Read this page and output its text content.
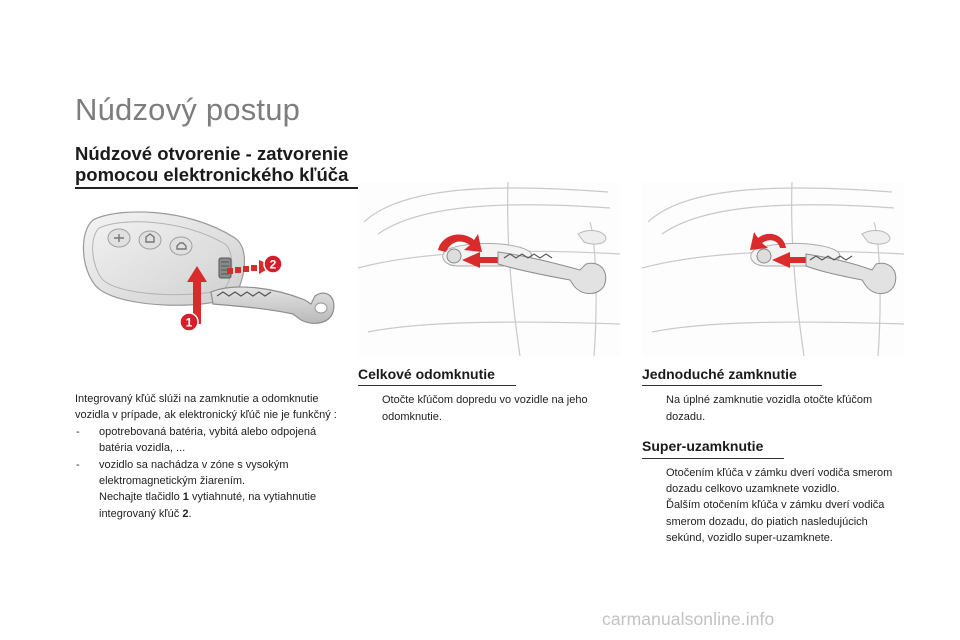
Núdzový postup
Núdzové otvorenie - zatvorenie
pomocou elektronického kľúča
1
2

Integrovaný kľúč slúži na zamknutie a odomknutie vozidla v prípade, ak elektronický kľúč nie je funkčný :

- opotrebovaná batéria, vybitá alebo odpojená batéria vozidla, ...
- vozidlo sa nachádza v zóne s vysokým elektromagnetickým žiarením.
Nechajte tlačidlo 1 vytiahnuté, na vytiahnutie integrovaný kľúč 2.
Celkové odomknutie
Otočte kľúčom dopredu vo vozidle na jeho odomknutie.
Jednoduché zamknutie
Na úplné zamknutie vozidla otočte kľúčom dozadu.
Super-uzamknutie
Otočením kľúča v zámku dverí vodiča smerom dozadu celkovo uzamknete vozidlo.
Ďalším otočením kľúča v zámku dverí vodiča smerom dozadu, do piatich nasledujúcich sekúnd, vozidlo super-uzamknete.
carmanualsonline.info
